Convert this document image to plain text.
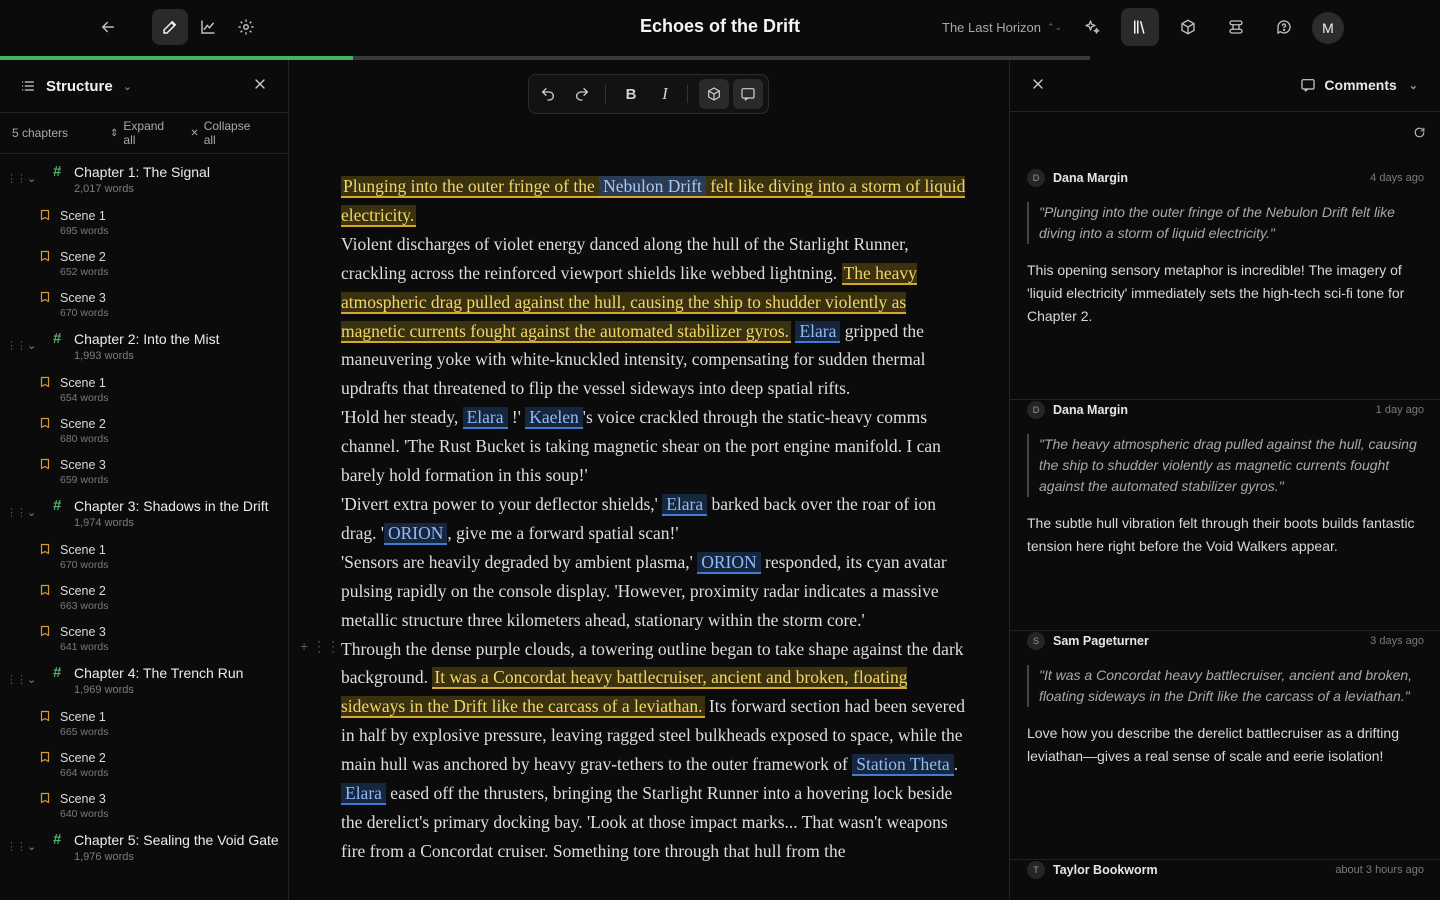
Echoes of the Drift	The Last Horizon ⌃⌄	M
Structure ⌄
5 chapters	⇕ Expand all	✕ Collapse all
⋮⋮ ⌄ # Chapter 1: The Signal
2,017 words
Scene 1
695 words
Scene 2
652 words
Scene 3
670 words
⋮⋮ ⌄ # Chapter 2: Into the Mist
1,993 words
Scene 1
654 words
Scene 2
680 words
Scene 3
659 words
⋮⋮ ⌄ # Chapter 3: Shadows in the Drift
1,974 words
Scene 1
670 words
Scene 2
663 words
Scene 3
641 words
⋮⋮ ⌄ # Chapter 4: The Trench Run
1,969 words
Scene 1
665 words
Scene 2
664 words
Scene 3
640 words
⋮⋮ ⌄ # Chapter 5: Sealing the Void Gate
1,976 words
B	I
+ ⋮⋮

Plunging into the outer fringe of the Nebulon Drift felt like diving into a storm of liquid electricity.

Violent discharges of violet energy danced along the hull of the Starlight Runner, crackling across the reinforced viewport shields like webbed lightning. The heavy atmospheric drag pulled against the hull, causing the ship to shudder violently as magnetic currents fought against the automated stabilizer gyros. Elara gripped the maneuvering yoke with white-knuckled intensity, compensating for sudden thermal updrafts that threatened to flip the vessel sideways into deep spatial rifts.

'Hold her steady, Elara !' Kaelen 's voice crackled through the static-heavy comms channel. 'The Rust Bucket is taking magnetic shear on the port engine manifold. I can barely hold formation in this soup!'

'Divert extra power to your deflector shields,' Elara barked back over the roar of ion drag. ' ORION , give me a forward spatial scan!'

'Sensors are heavily degraded by ambient plasma,' ORION responded, its cyan avatar pulsing rapidly on the console display. 'However, proximity radar indicates a massive metallic structure three kilometers ahead, stationary within the storm core.'

Through the dense purple clouds, a towering outline began to take shape against the dark background. It was a Concordat heavy battlecruiser, ancient and broken, floating sideways in the Drift like the carcass of a leviathan. Its forward section had been severed in half by explosive pressure, leaving ragged steel bulkheads exposed to space, while the main hull was anchored by heavy grav-tethers to the outer framework of Station Theta .

Elara eased off the thrusters, bringing the Starlight Runner into a hovering lock beside the derelict's primary docking bay. 'Look at those impact marks... That wasn't weapons fire from a Concordat cruiser. Something tore through that hull from the

Comments ⌄
D	Dana Margin	4 days ago
"Plunging into the outer fringe of the Nebulon Drift felt like diving into a storm of liquid electricity."
This opening sensory metaphor is incredible! The imagery of 'liquid electricity' immediately sets the high-tech sci-fi tone for Chapter 2.
D	Dana Margin	1 day ago
"The heavy atmospheric drag pulled against the hull, causing the ship to shudder violently as magnetic currents fought against the automated stabilizer gyros."
The subtle hull vibration felt through their boots builds fantastic tension here right before the Void Walkers appear.
S	Sam Pageturner	3 days ago
"It was a Concordat heavy battlecruiser, ancient and broken, floating sideways in the Drift like the carcass of a leviathan."
Love how you describe the derelict battlecruiser as a drifting leviathan—gives a real sense of scale and eerie isolation!
T	Taylor Bookworm	about 3 hours ago
